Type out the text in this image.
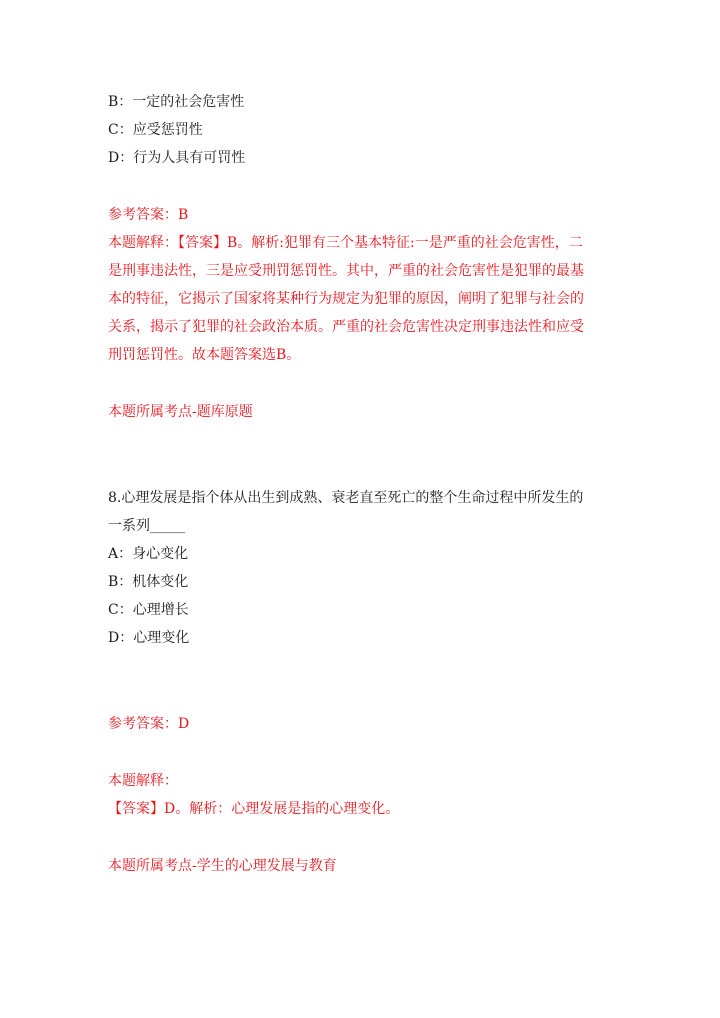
B：一定的社会危害性
C：应受惩罚性
D：行为人具有可罚性
参考答案：B
本题解释：【答案】B。解析:犯罪有三个基本特征:一是严重的社会危害性，二
是刑事违法性，三是应受刑罚惩罚性。其中，严重的社会危害性是犯罪的最基
本的特征，它揭示了国家将某种行为规定为犯罪的原因，阐明了犯罪与社会的
关系，揭示了犯罪的社会政治本质。严重的社会危害性决定刑事违法性和应受
刑罚惩罚性。故本题答案选B。
本题所属考点-题库原题
8.心理发展是指个体从出生到成熟、衰老直至死亡的整个生命过程中所发生的
一系列_____
A：身心变化
B：机体变化
C：心理增长
D：心理变化
参考答案：D
本题解释：
【答案】D。解析：心理发展是指的心理变化。
本题所属考点-学生的心理发展与教育
